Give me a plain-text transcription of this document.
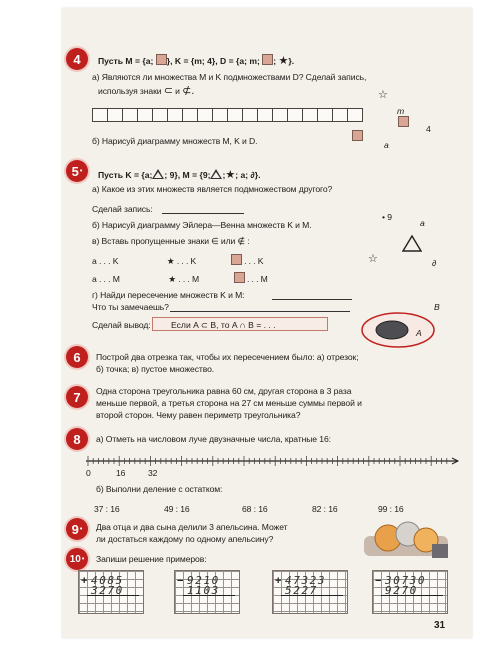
4 Пусть M = {a; }, K = {m; 4}, D = {a; m; ; ★}.
а) Являются ли множества M и K подмножествами D? Сделай запись,
используя знаки ⊂ и ⊄.
б) Нарисуй диаграмму множеств M, K и D.
☆
m
a
4
5 • Пусть K = {a; ; 9}, M = {9; ;★; a; ∂}.
а) Какое из этих множеств является подмножеством другого?
Сделай запись:
б) Нарисуй диаграмму Эйлера—Венна множеств K и M.
в) Вставь пропущенные знаки ∈ или ∉ :
a . . . K	★ . . . K	. . . K
a . . . M	★ . . . M	. . . M
• 9
a
☆	∂
г) Найди пересечение множеств K и M:
Что ты замечаешь?
Сделай вывод:	Если A ⊂ B, то A ∩ B = . . .
B
A
6 Построй два отрезка так, чтобы их пересечением было: а) отрезок;
б) точка; в) пустое множество.
7 Одна сторона треугольника равна 60 см, другая сторона в 3 раза
меньше первой, а третья сторона на 27 см меньше суммы первой и
второй сторон. Чему равен периметр треугольника?
8 а) Отметь на числовом луче двузначные числа, кратные 16:
0	16	32
б) Выполни деление с остатком:
37 : 16	49 : 16	68 : 16	82 : 16	99 : 16
9 • Два отца и два сына делили 3 апельсина. Может
ли достаться каждому по одному апельсину?
10 • Запиши решение примеров:
+ 4085
3270
− 9210
1103
+ 47323
5227
− 30730
9270
31
